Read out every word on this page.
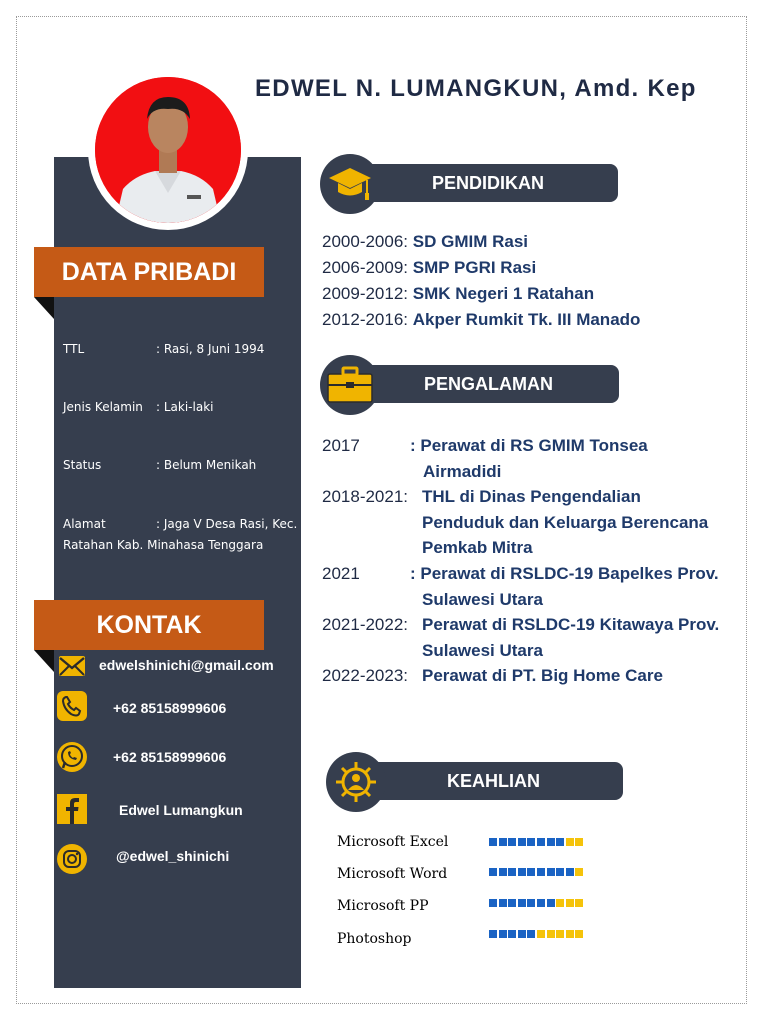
DATA PRIBADI
TTL	: Rasi, 8 Juni 1994
Jenis Kelamin : Laki-laki
Status	: Belum Menikah
Alamat	: Jaga V Desa Rasi, Kec. Ratahan Kab. Minahasa Tenggara
KONTAK
edwelshinichi@gmail.com
+62 85158999606
+62 85158999606
Edwel Lumangkun
@edwel_shinichi
EDWEL N. LUMANGKUN, Amd. Kep
PENDIDIKAN
2000-2006: SD GMIM Rasi
2006-2009: SMP PGRI Rasi
2009-2012: SMK Negeri 1 Ratahan
2012-2016: Akper Rumkit Tk. III Manado
PENGALAMAN
2017	: Perawat di RS GMIM Tonsea
Airmadidi
2018-2021: THL di Dinas Pengendalian
Penduduk dan Keluarga Berencana
Pemkab Mitra
2021	: Perawat di RSLDC-19 Bapelkes Prov.
Sulawesi Utara
2021-2022: Perawat di RSLDC-19 Kitawaya Prov.
Sulawesi Utara
2022-2023: Perawat di PT. Big Home Care
KEAHLIAN
Microsoft Excel
Microsoft Word
Microsoft PP
Photoshop
